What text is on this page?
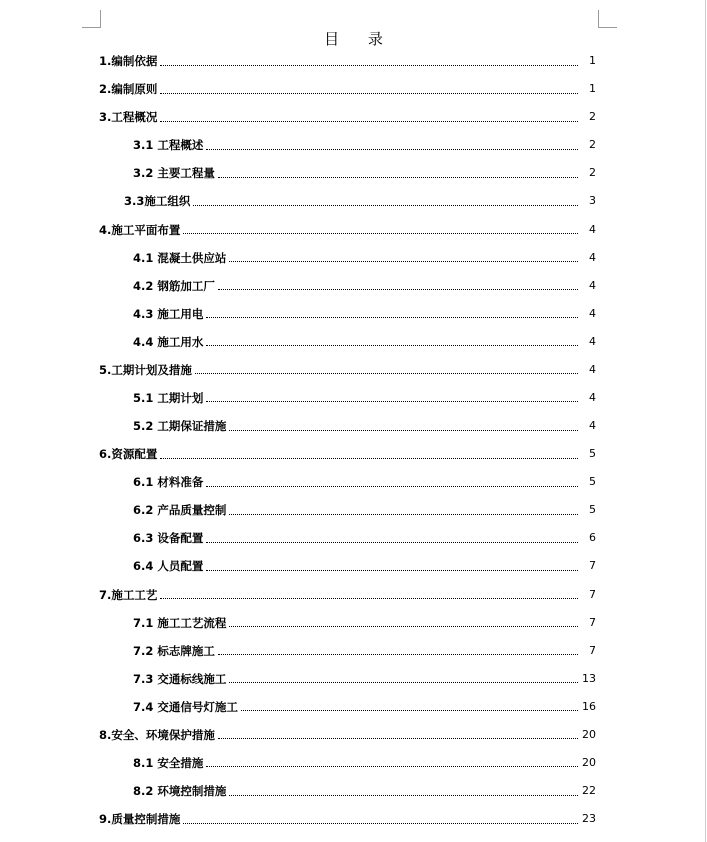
目 录
1.编制依据	1
2.编制原则	1
3.工程概况	2
3.1 工程概述	2
3.2 主要工程量	2
3.3施工组织	3
4.施工平面布置	4
4.1 混凝土供应站	4
4.2 钢筋加工厂	4
4.3 施工用电	4
4.4 施工用水	4
5.工期计划及措施	4
5.1 工期计划	4
5.2 工期保证措施	4
6.资源配置	5
6.1 材料准备	5
6.2 产品质量控制	5
6.3 设备配置	6
6.4 人员配置	7
7.施工工艺	7
7.1 施工工艺流程	7
7.2 标志牌施工	7
7.3 交通标线施工	13
7.4 交通信号灯施工	16
8.安全、环境保护措施	20
8.1 安全措施	20
8.2 环境控制措施	22
9.质量控制措施	23
